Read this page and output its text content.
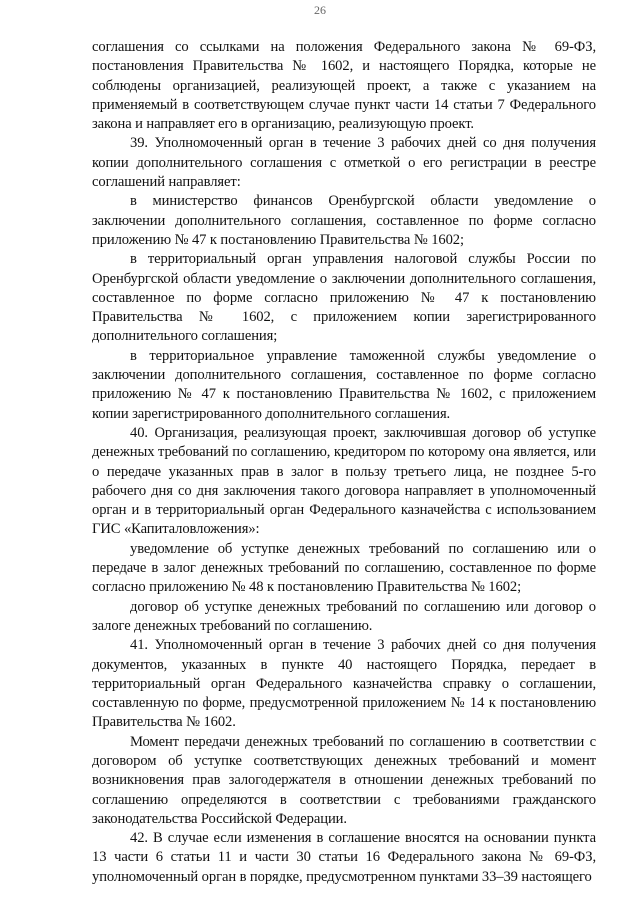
26

соглашения со ссылками на положения Федерального закона № 69-ФЗ, постановления Правительства № 1602, и настоящего Порядка, которые не соблюдены организацией, реализующей проект, а также с указанием на применяемый в соответствующем случае пункт части 14 статьи 7 Федерального закона и направляет его в организацию, реализующую проект.

39. Уполномоченный орган в течение 3 рабочих дней со дня получения копии дополнительного соглашения с отметкой о его регистрации в реестре соглашений направляет:

в министерство финансов Оренбургской области уведомление о заключении дополнительного соглашения, составленное по форме согласно приложению № 47 к постановлению Правительства № 1602;

в территориальный орган управления налоговой службы России по Оренбургской области уведомление о заключении дополнительного соглашения, составленное по форме согласно приложению № 47 к постановлению Правительства № 1602, с приложением копии зарегистрированного дополнительного соглашения;

в территориальное управление таможенной службы уведомление о заключении дополнительного соглашения, составленное по форме согласно приложению № 47 к постановлению Правительства № 1602, с приложением копии зарегистрированного дополнительного соглашения.

40. Организация, реализующая проект, заключившая договор об уступке денежных требований по соглашению, кредитором по которому она является, или о передаче указанных прав в залог в пользу третьего лица, не позднее 5-го рабочего дня со дня заключения такого договора направляет в уполномоченный орган и в территориальный орган Федерального казначейства с использованием ГИС «Капиталовложения»:

уведомление об уступке денежных требований по соглашению или о передаче в залог денежных требований по соглашению, составленное по форме согласно приложению № 48 к постановлению Правительства № 1602;

договор об уступке денежных требований по соглашению или договор о залоге денежных требований по соглашению.

41. Уполномоченный орган в течение 3 рабочих дней со дня получения документов, указанных в пункте 40 настоящего Порядка, передает в территориальный орган Федерального казначейства справку о соглашении, составленную по форме, предусмотренной приложением № 14 к постановлению Правительства № 1602.

Момент передачи денежных требований по соглашению в соответствии с договором об уступке соответствующих денежных требований и момент возникновения прав залогодержателя в отношении денежных требований по соглашению определяются в соответствии с требованиями гражданского законодательства Российской Федерации.

42. В случае если изменения в соглашение вносятся на основании пункта 13 части 6 статьи 11 и части 30 статьи 16 Федерального закона № 69-ФЗ, уполномоченный орган в порядке, предусмотренном пунктами 33–39 настоящего
